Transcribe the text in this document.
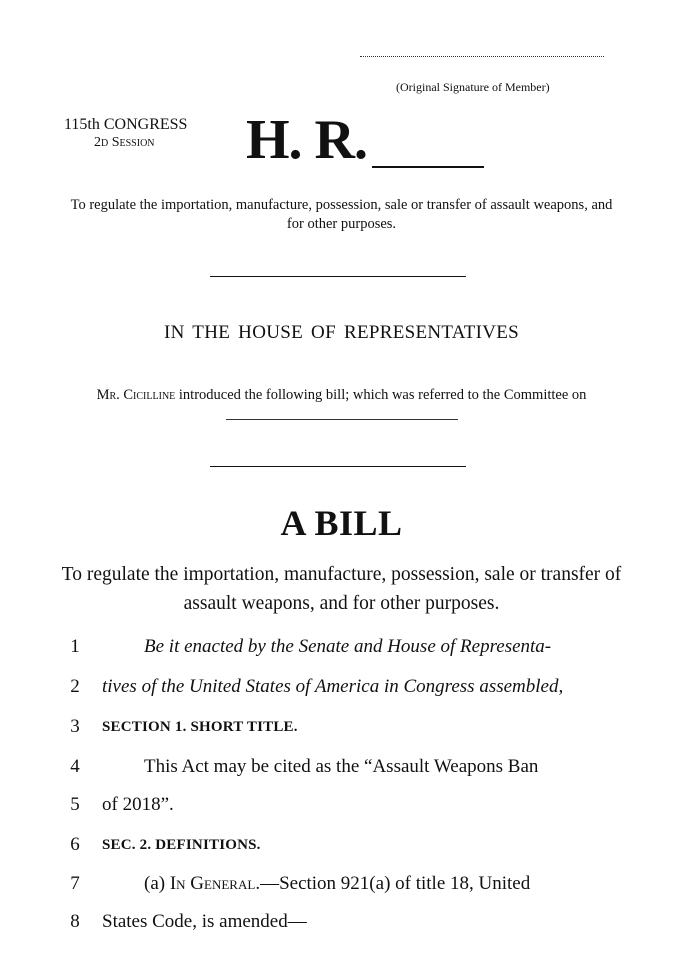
(Original Signature of Member)
115th CONGRESS
2d Session H. R.
To regulate the importation, manufacture, possession, sale or transfer of assault weapons, and for other purposes.
IN THE HOUSE OF REPRESENTATIVES
Mr. Cicilline introduced the following bill; which was referred to the Committee on
A BILL
To regulate the importation, manufacture, possession, sale or transfer of assault weapons, and for other purposes.
1	Be it enacted by the Senate and House of Representa-
2	tives of the United States of America in Congress assembled,
3	SECTION 1. SHORT TITLE.
4	This Act may be cited as the “Assault Weapons Ban
5	of 2018”.
6	SEC. 2. DEFINITIONS.
7	(a) In General.—Section 921(a) of title 18, United
8	States Code, is amended—
